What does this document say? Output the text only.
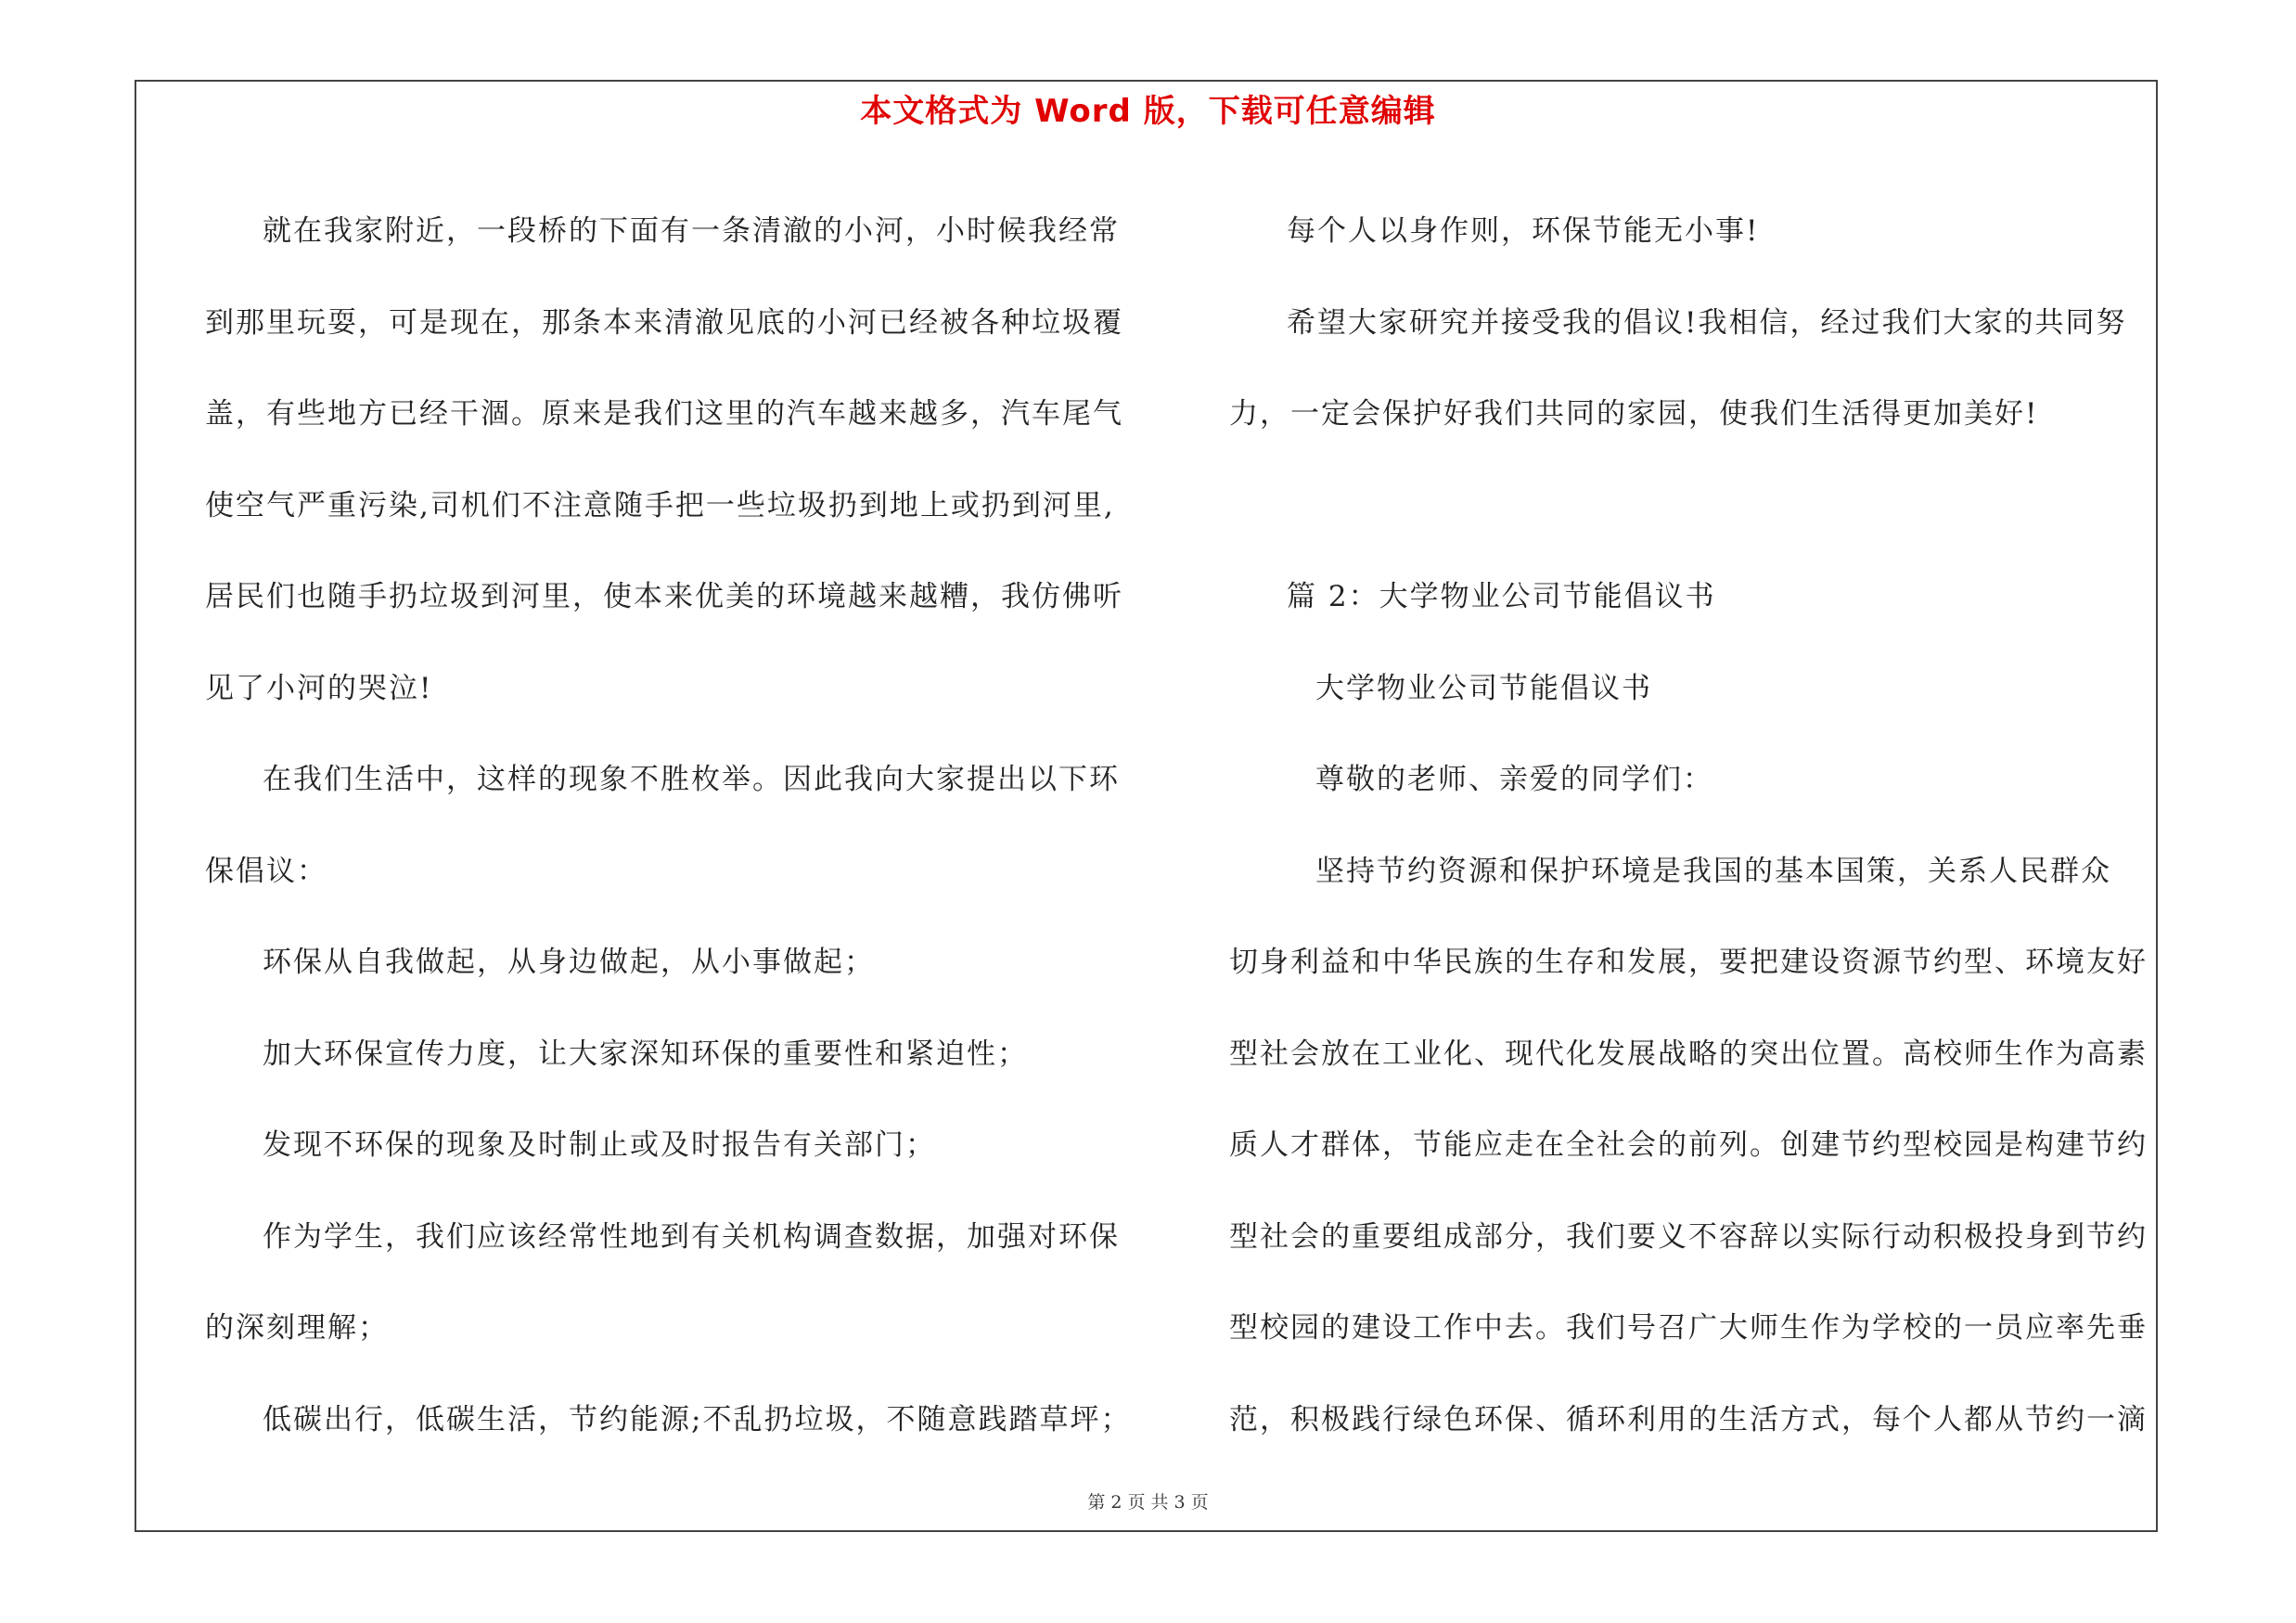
本文格式为 Word 版，下载可任意编辑

就在我家附近，一段桥的下面有一条清澈的小河，小时候我经常

到那里玩耍，可是现在，那条本来清澈见底的小河已经被各种垃圾覆

盖，有些地方已经干涸。原来是我们这里的汽车越来越多，汽车尾气

使空气严重污染,司机们不注意随手把一些垃圾扔到地上或扔到河里,

居民们也随手扔垃圾到河里，使本来优美的环境越来越糟，我仿佛听

见了小河的哭泣!

在我们生活中，这样的现象不胜枚举。因此我向大家提出以下环

保倡议：

环保从自我做起，从身边做起，从小事做起；

加大环保宣传力度，让大家深知环保的重要性和紧迫性；

发现不环保的现象及时制止或及时报告有关部门；

作为学生，我们应该经常性地到有关机构调查数据，加强对环保

的深刻理解；

低碳出行，低碳生活，节约能源;不乱扔垃圾，不随意践踏草坪；

每个人以身作则，环保节能无小事!

希望大家研究并接受我的倡议!我相信，经过我们大家的共同努

力，一定会保护好我们共同的家园，使我们生活得更加美好!

篇 2：大学物业公司节能倡议书

大学物业公司节能倡议书

尊敬的老师、亲爱的同学们：

坚持节约资源和保护环境是我国的基本国策，关系人民群众

切身利益和中华民族的生存和发展，要把建设资源节约型、环境友好

型社会放在工业化、现代化发展战略的突出位置。高校师生作为高素

质人才群体，节能应走在全社会的前列。创建节约型校园是构建节约

型社会的重要组成部分，我们要义不容辞以实际行动积极投身到节约

型校园的建设工作中去。我们号召广大师生作为学校的一员应率先垂

范，积极践行绿色环保、循环利用的生活方式，每个人都从节约一滴

第 2 页 共 3 页
